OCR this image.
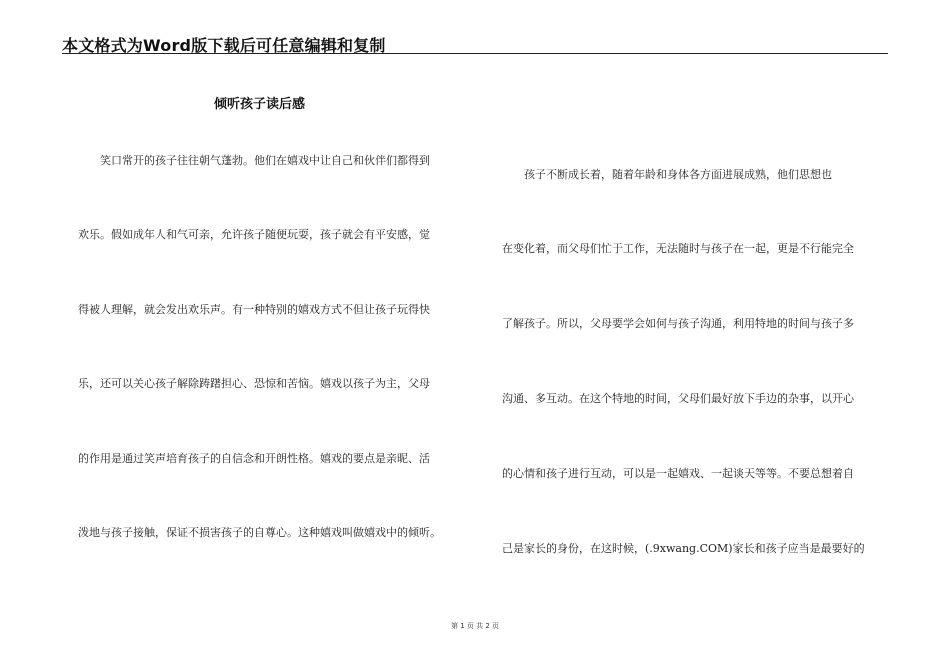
本文格式为Word版下载后可任意编辑和复制
倾听孩子读后感
　　笑口常开的孩子往往朝气蓬勃。他们在嬉戏中让自己和伙伴们都得到
欢乐。假如成年人和气可亲，允许孩子随便玩耍，孩子就会有平安感，觉
得被人理解，就会发出欢乐声。有一种特别的嬉戏方式不但让孩子玩得快
乐，还可以关心孩子解除踌躇担心、恐惊和苦恼。嬉戏以孩子为主，父母
的作用是通过笑声培育孩子的自信念和开朗性格。嬉戏的要点是亲昵、活
泼地与孩子接触，保证不损害孩子的自尊心。这种嬉戏叫做嬉戏中的倾听。
　　孩子不断成长着，随着年龄和身体各方面进展成熟，他们思想也
在变化着，而父母们忙于工作，无法随时与孩子在一起，更是不行能完全
了解孩子。所以，父母要学会如何与孩子沟通，利用特地的时间与孩子多
沟通、多互动。在这个特地的时间，父母们最好放下手边的杂事，以开心
的心情和孩子进行互动，可以是一起嬉戏、一起谈天等等。不要总想着自
己是家长的身份，在这时候，(.9xwang.COM)家长和孩子应当是最要好的
第 1 页 共 2 页
